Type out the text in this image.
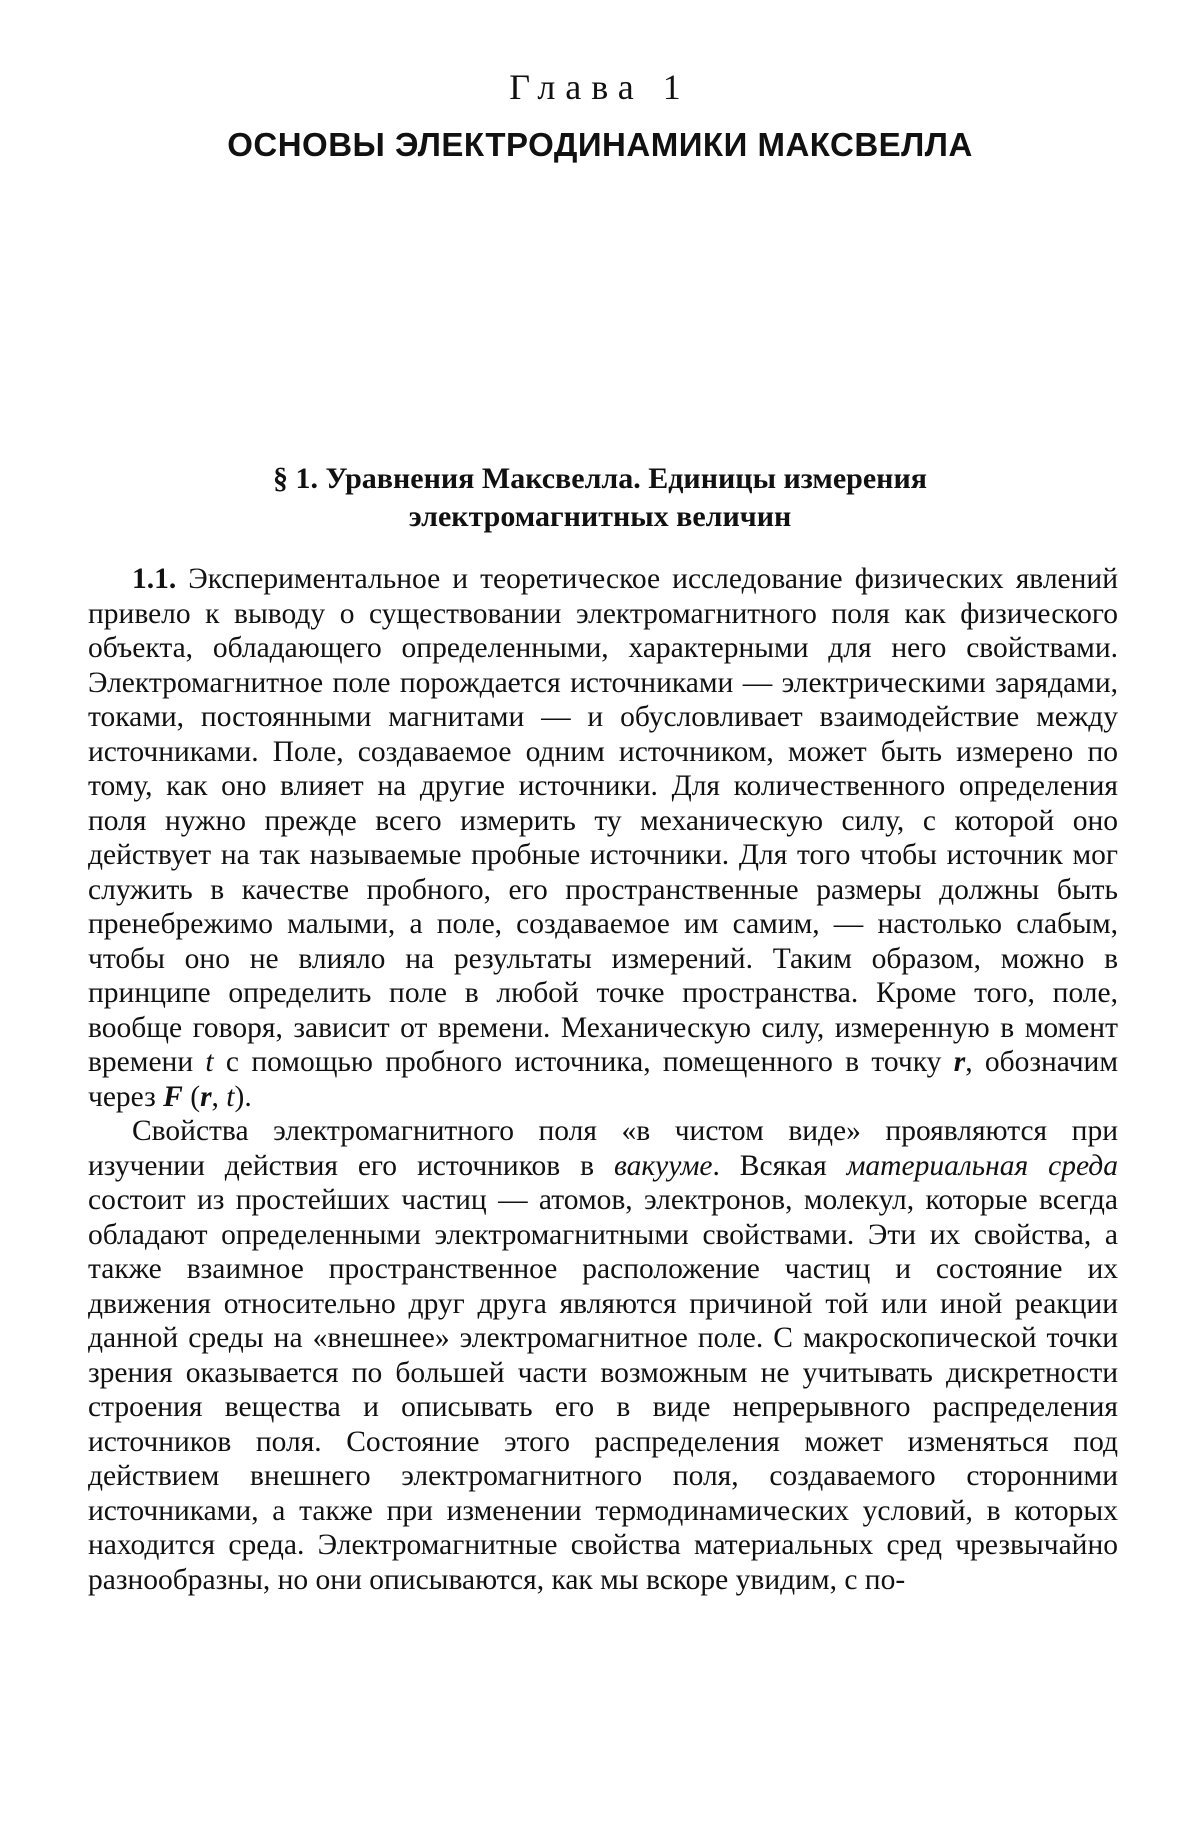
Глава 1
ОСНОВЫ ЭЛЕКТРОДИНАМИКИ МАКСВЕЛЛА
§ 1. Уравнения Максвелла. Единицы измерения электромагнитных величин

1.1. Экспериментальное и теоретическое исследование физических явлений привело к выводу о существовании электромагнитного поля как физического объекта, обладающего определенными, характерными для него свойствами. Электромагнитное поле порождается источниками — электрическими зарядами, токами, постоянными магнитами — и обусловливает взаимодействие между источниками. Поле, создаваемое одним источником, может быть измерено по тому, как оно влияет на другие источники. Для количественного определения поля нужно прежде всего измерить ту механическую силу, с которой оно действует на так называемые пробные источники. Для того чтобы источник мог служить в качестве пробного, его пространственные размеры должны быть пренебрежимо малыми, а поле, создаваемое им самим, — настолько слабым, чтобы оно не влияло на результаты измерений. Таким образом, можно в принципе определить поле в любой точке пространства. Кроме того, поле, вообще говоря, зависит от времени. Механическую силу, измеренную в момент времени t с помощью пробного источника, помещенного в точку r, обозначим через F (r, t).

Свойства электромагнитного поля «в чистом виде» проявляются при изучении действия его источников в вакууме. Всякая материальная среда состоит из простейших частиц — атомов, электронов, молекул, которые всегда обладают определенными электромагнитными свойствами. Эти их свойства, а также взаимное пространственное расположение частиц и состояние их движения относительно друг друга являются причиной той или иной реакции данной среды на «внешнее» электромагнитное поле. С макроскопической точки зрения оказывается по большей части возможным не учитывать дискретности строения вещества и описывать его в виде непрерывного распределения источников поля. Состояние этого распределения может изменяться под действием внешнего электромагнитного поля, создаваемого сторонними источниками, а также при изменении термодинамических условий, в которых находится среда. Электромагнитные свойства материальных сред чрезвычайно разнообразны, но они описываются, как мы вскоре увидим, с по-
